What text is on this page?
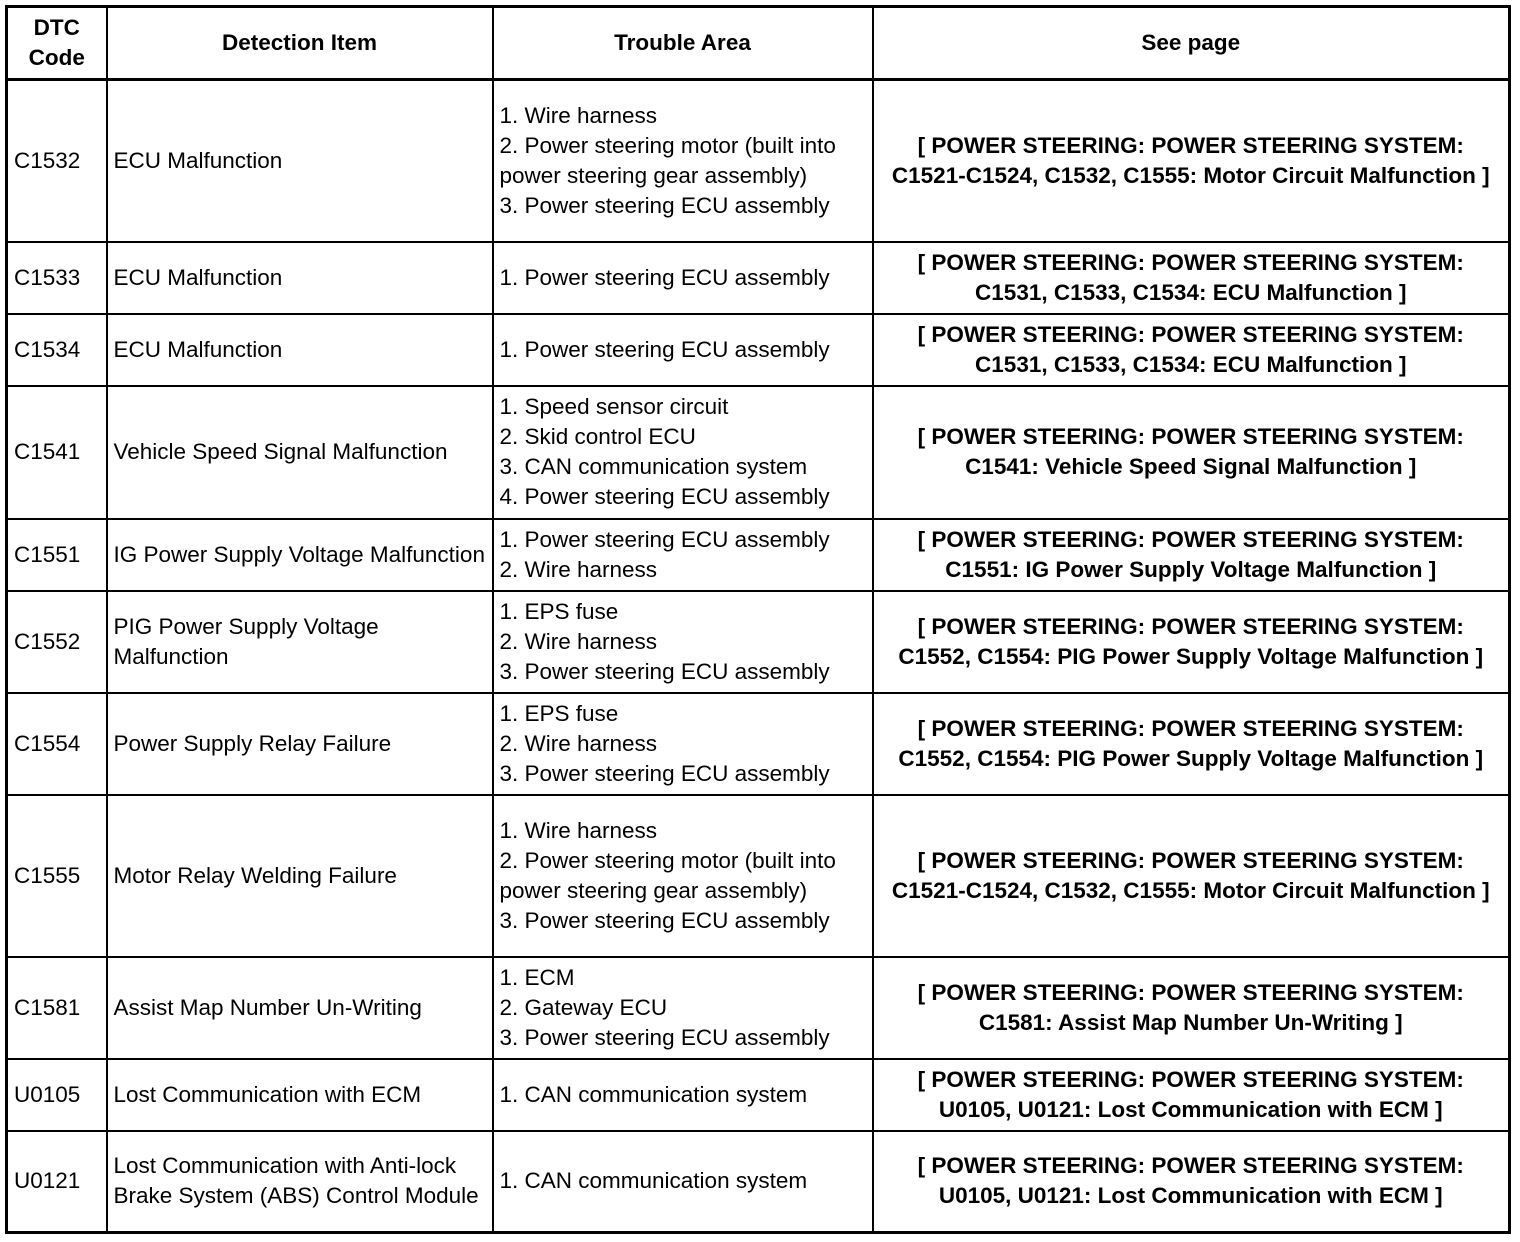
DTC Code	Detection Item	Trouble Area	See page
C1532	ECU Malfunction	1. Wire harness
2. Power steering motor (built into power steering gear assembly)
3. Power steering ECU assembly	[ POWER STEERING: POWER STEERING SYSTEM: C1521-C1524, C1532, C1555: Motor Circuit Malfunction ]
C1533	ECU Malfunction	1. Power steering ECU assembly	[ POWER STEERING: POWER STEERING SYSTEM: C1531, C1533, C1534: ECU Malfunction ]
C1534	ECU Malfunction	1. Power steering ECU assembly	[ POWER STEERING: POWER STEERING SYSTEM: C1531, C1533, C1534: ECU Malfunction ]
C1541	Vehicle Speed Signal Malfunction	1. Speed sensor circuit
2. Skid control ECU
3. CAN communication system
4. Power steering ECU assembly	[ POWER STEERING: POWER STEERING SYSTEM: C1541: Vehicle Speed Signal Malfunction ]
C1551	IG Power Supply Voltage Malfunction	1. Power steering ECU assembly
2. Wire harness	[ POWER STEERING: POWER STEERING SYSTEM: C1551: IG Power Supply Voltage Malfunction ]
C1552	PIG Power Supply Voltage Malfunction	1. EPS fuse
2. Wire harness
3. Power steering ECU assembly	[ POWER STEERING: POWER STEERING SYSTEM: C1552, C1554: PIG Power Supply Voltage Malfunction ]
C1554	Power Supply Relay Failure	1. EPS fuse
2. Wire harness
3. Power steering ECU assembly	[ POWER STEERING: POWER STEERING SYSTEM: C1552, C1554: PIG Power Supply Voltage Malfunction ]
C1555	Motor Relay Welding Failure	1. Wire harness
2. Power steering motor (built into power steering gear assembly)
3. Power steering ECU assembly	[ POWER STEERING: POWER STEERING SYSTEM: C1521-C1524, C1532, C1555: Motor Circuit Malfunction ]
C1581	Assist Map Number Un-Writing	1. ECM
2. Gateway ECU
3. Power steering ECU assembly	[ POWER STEERING: POWER STEERING SYSTEM: C1581: Assist Map Number Un-Writing ]
U0105	Lost Communication with ECM	1. CAN communication system	[ POWER STEERING: POWER STEERING SYSTEM: U0105, U0121: Lost Communication with ECM ]
U0121	Lost Communication with Anti-lock Brake System (ABS) Control Module	1. CAN communication system	[ POWER STEERING: POWER STEERING SYSTEM: U0105, U0121: Lost Communication with ECM ]
